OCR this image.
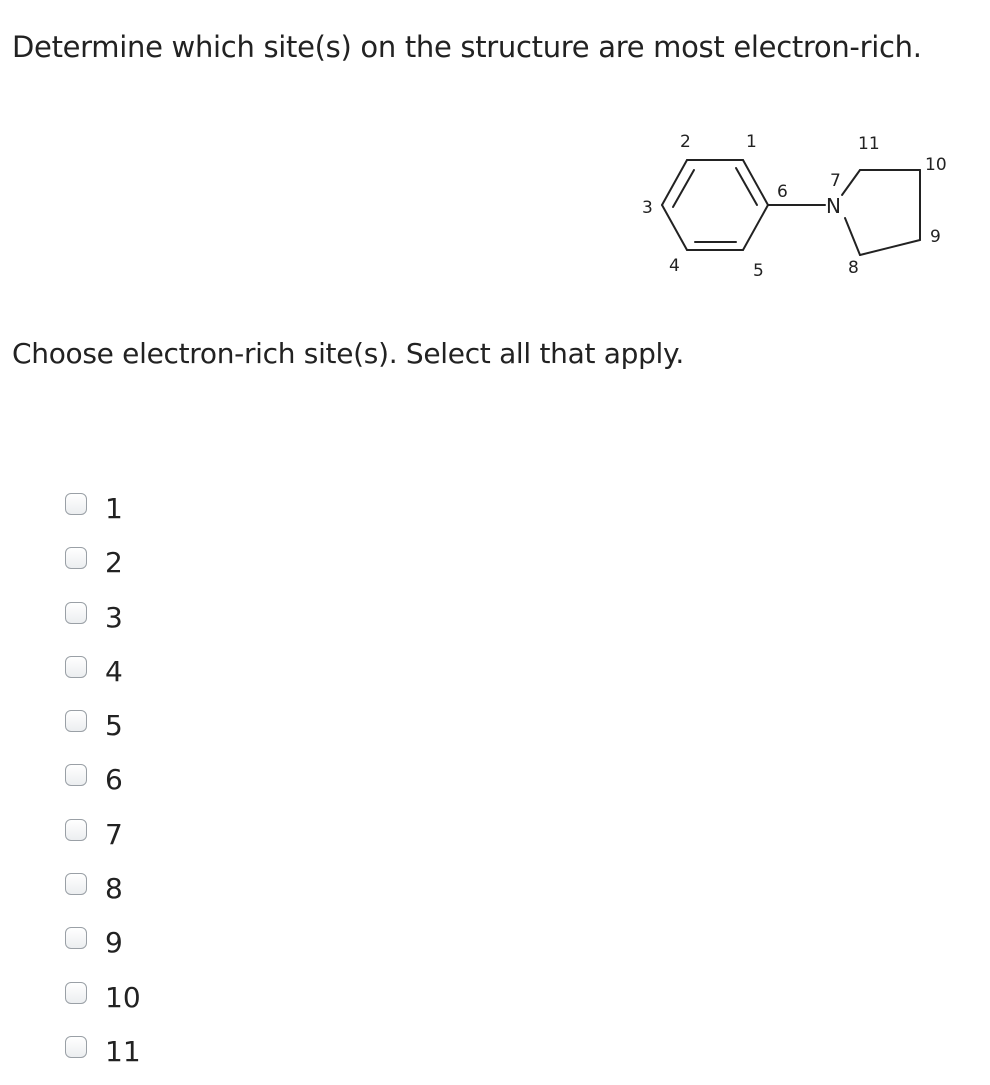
Determine which site(s) on the structure are most electron-rich.
N
1
2
3
4	5
6
7
8
9
10
11
Choose electron-rich site(s). Select all that apply.
1
2
3
4
5
6
7
8
9
10
11
